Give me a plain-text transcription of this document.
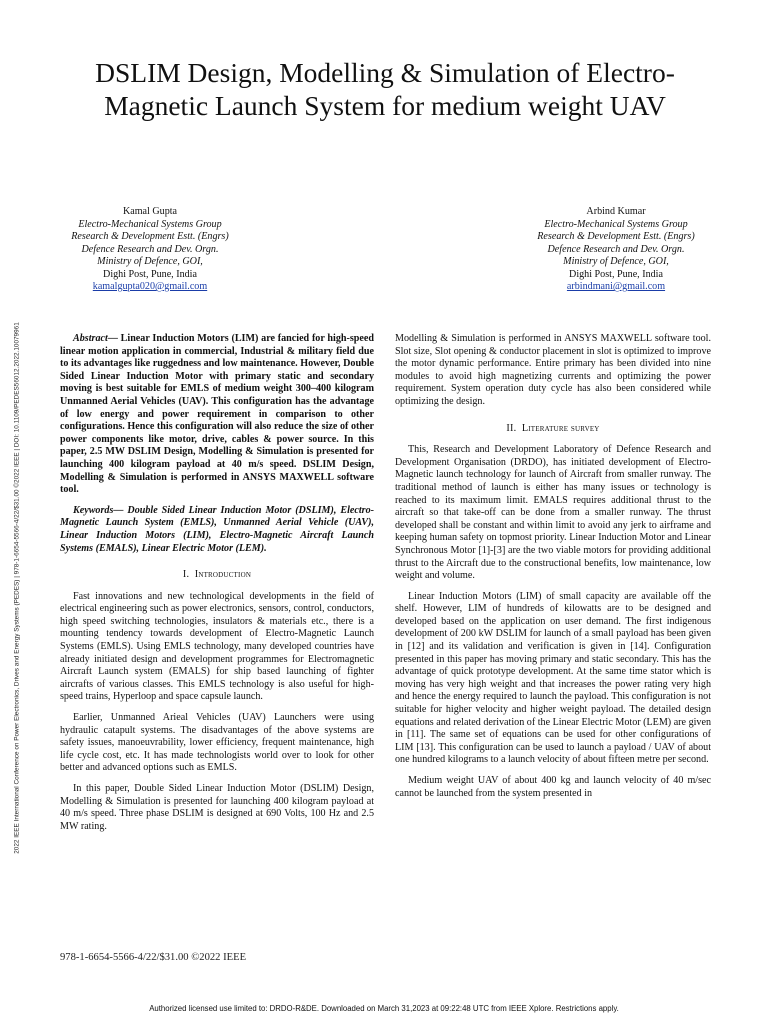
2022 IEEE International Conference on Power Electronics, Drives and Energy Systems (PEDES) | 978-1-6654-5566-4/22/$31.00 ©2022 IEEE | DOI: 10.1109/PEDES56012.2022.10079961
DSLIM Design, Modelling & Simulation of Electro-Magnetic Launch System for medium weight UAV
Kamal Gupta
Electro-Mechanical Systems Group
Research & Development Estt. (Engrs)
Defence Research and Dev. Orgn.
Ministry of Defence, GOI,
Dighi Post, Pune, India
kamalgupta020@gmail.com
Arbind Kumar
Electro-Mechanical Systems Group
Research & Development Estt. (Engrs)
Defence Research and Dev. Orgn.
Ministry of Defence, GOI,
Dighi Post, Pune, India
arbindmani@gmail.com

Abstract— Linear Induction Motors (LIM) are fancied for high-speed linear motion application in commercial, Industrial & military field due to its advantages like ruggedness and low maintenance. However, Double Sided Linear Induction Motor with primary static and secondary moving is best suitable for EMLS of medium weight 300–400 kilogram Unmanned Aerial Vehicles (UAV). This configuration has the advantage of low energy and power requirement in comparison to other configurations. Hence this configuration will also reduce the size of other power components like motor, drive, cables & power source. In this paper, 2.5 MW DSLIM Design, Modelling & Simulation is presented for launching 400 kilogram payload at 40 m/s speed. DSLIM Design, Modelling & Simulation is performed in ANSYS MAXWELL software tool.

Keywords— Double Sided Linear Induction Motor (DSLIM), Electro-Magnetic Launch System (EMLS), Unmanned Aerial Vehicle (UAV), Linear Induction Motors (LIM), Electro-Magnetic Aircraft Launch Systems (EMALS), Linear Electric Motor (LEM).

I. Introduction

Fast innovations and new technological developments in the field of electrical engineering such as power electronics, sensors, control, conductors, high speed switching technologies, insulators & materials etc., there is a mounting tendency towards development of Electro-Magnetic Launch Systems (EMLS). Using EMLS technology, many developed countries have already initiated design and development programmes for Electromagnetic Aircraft Launch system (EMALS) for ship based launching of fighter aircrafts of various classes. This EMLS technology is also useful for high-speed trains, Hyperloop and space capsule launch.

Earlier, Unmanned Arieal Vehicles (UAV) Launchers were using hydraulic catapult systems. The disadvantages of the above systems are safety issues, manoeuvrability, lower efficiency, frequent maintenance, high life cycle cost, etc. It has made technologists world over to look for other better and advanced options such as EMLS.

In this paper, Double Sided Linear Induction Motor (DSLIM) Design, Modelling & Simulation is presented for launching 400 kilogram payload at 40 m/s speed. Three phase DSLIM is designed at 690 Volts, 100 Hz and 2.5 MW rating.

Modelling & Simulation is performed in ANSYS MAXWELL software tool. Slot size, Slot opening & conductor placement in slot is optimized to improve the motor dynamic performance. Entire primary has been divided into nine modules to avoid high magnetizing currents and optimizing the power requirement. System operation duty cycle has also been considered while optimizing the design.

II. Literature survey

This, Research and Development Laboratory of Defence Research and Development Organisation (DRDO), has initiated development of Electro-Magnetic launch technology for launch of Aircraft from smaller runway. The traditional method of launch is either has many issues or technology is reached to its maximum limit. EMALS requires additional thrust to the aircraft so that take-off can be done from a smaller runway. The thrust developed shall be constant and within limit to avoid any jerk to airframe and keeping human safety on topmost priority. Linear Induction Motor and Linear Synchronous Motor [1]-[3] are the two viable motors for providing additional thrust to the Aircraft due to the constructional benefits, low maintenance, low weight and volume.

Linear Induction Motors (LIM) of small capacity are available off the shelf. However, LIM of hundreds of kilowatts are to be designed and developed based on the application on user demand. The first indigenous development of 200 kW DSLIM for launch of a small payload has been given in [12] and its validation and verification is given in [14]. Configuration presented in this paper has moving primary and static secondary. This has the advantage of quick prototype development. At the same time stator which is moving has very high weight and that increases the power rating very high and hence the energy required to launch the payload. This configuration is not suitable for higher velocity and higher weight payload. The detailed design equations and related derivation of the Linear Electric Motor (LEM) are given in [11]. The same set of equations can be used for other configurations of LIM [13]. This configuration can be used to launch a payload / UAV of about one hundred kilograms to a launch velocity of about fifteen metre per second.

Medium weight UAV of about 400 kg and launch velocity of 40 m/sec cannot be launched from the system presented in

978-1-6654-5566-4/22/$31.00 ©2022 IEEE
Authorized licensed use limited to: DRDO-R&DE. Downloaded on March 31,2023 at 09:22:48 UTC from IEEE Xplore. Restrictions apply.
